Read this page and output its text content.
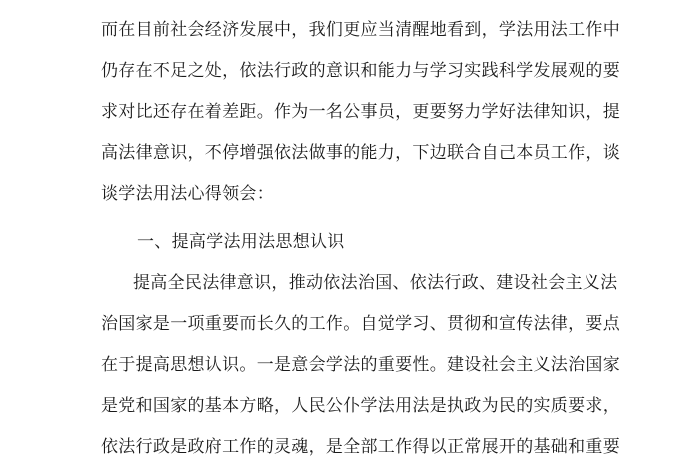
而在目前社会经济发展中，我们更应当清醒地看到，学法用法工作中
仍存在不足之处，依法行政的意识和能力与学习实践科学发展观的要
求对比还存在着差距。作为一名公事员，更要努力学好法律知识，提
高法律意识，不停增强依法做事的能力，下边联合自己本员工作，谈
谈学法用法心得领会：
一、提高学法用法思想认识
提高全民法律意识，推动依法治国、依法行政、建设社会主义法
治国家是一项重要而长久的工作。自觉学习、贯彻和宣传法律，要点
在于提高思想认识。一是意会学法的重要性。建设社会主义法治国家
是党和国家的基本方略，人民公仆学法用法是执政为民的实质要求，
依法行政是政府工作的灵魂，是全部工作得以正常展开的基础和重要
